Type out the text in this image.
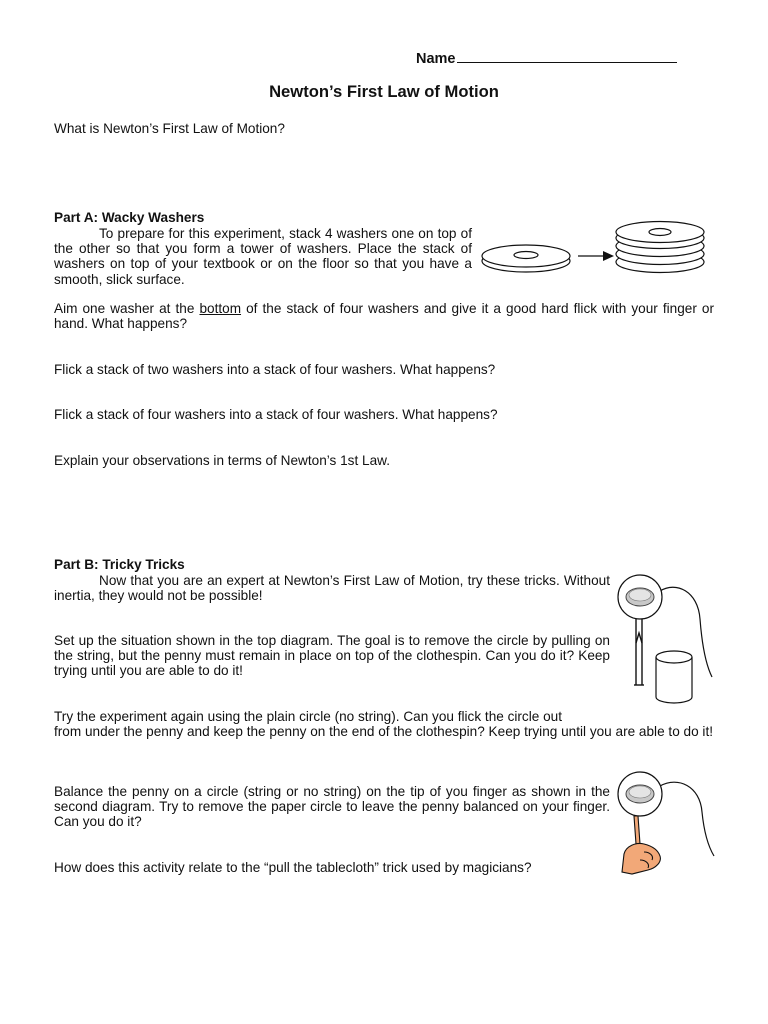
Name
Newton’s First Law of Motion
What is Newton’s First Law of Motion?
Part A: Wacky Washers
To prepare for this experiment, stack 4 washers one on top of the other so that you form a tower of washers. Place the stack of washers on top of your textbook or on the floor so that you have a smooth, slick surface.
Aim one washer at the bottom of the stack of four washers and give it a good hard flick with your finger or hand. What happens?
Flick a stack of two washers into a stack of four washers. What happens?
Flick a stack of four washers into a stack of four washers. What happens?
Explain your observations in terms of Newton’s 1st Law.
Part B: Tricky Tricks
Now that you are an expert at Newton’s First Law of Motion, try these tricks. Without inertia, they would not be possible!
Set up the situation shown in the top diagram. The goal is to remove the circle by pulling on the string, but the penny must remain in place on top of the clothespin. Can you do it? Keep trying until you are able to do it!
Try the experiment again using the plain circle (no string). Can you flick the circle out
from under the penny and keep the penny on the end of the clothespin? Keep trying until you are able to do it!
Balance the penny on a circle (string or no string) on the tip of you finger as shown in the second diagram. Try to remove the paper circle to leave the penny balanced on your finger. Can you do it?
How does this activity relate to the “pull the tablecloth” trick used by magicians?
